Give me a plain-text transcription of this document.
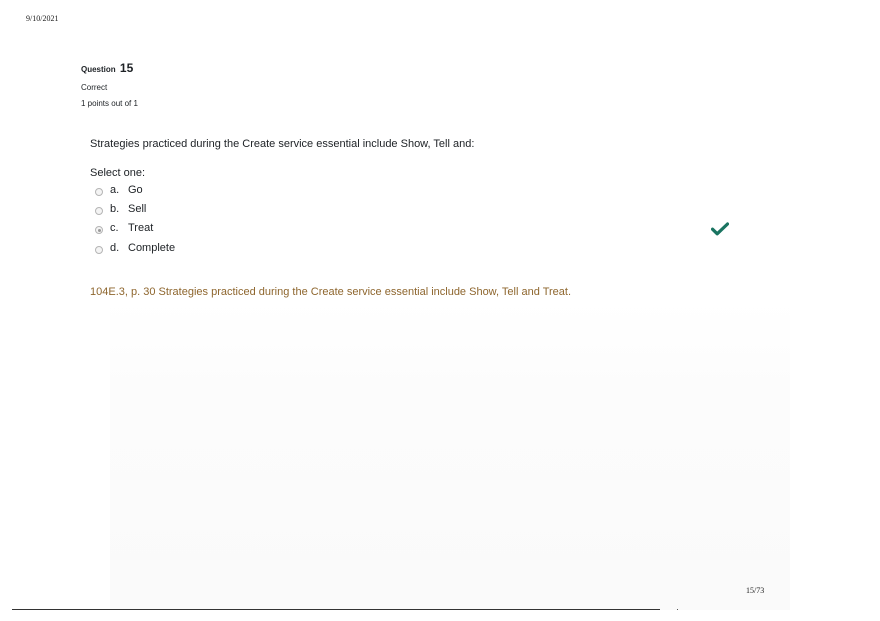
9/10/2021
Question 15
Correct
1 points out of 1
Strategies practiced during the Create service essential include Show, Tell and:
Select one:
a. Go
b. Sell
c. Treat
d. Complete
104E.3, p. 30 Strategies practiced during the Create service essential include Show, Tell and Treat.
15/73
